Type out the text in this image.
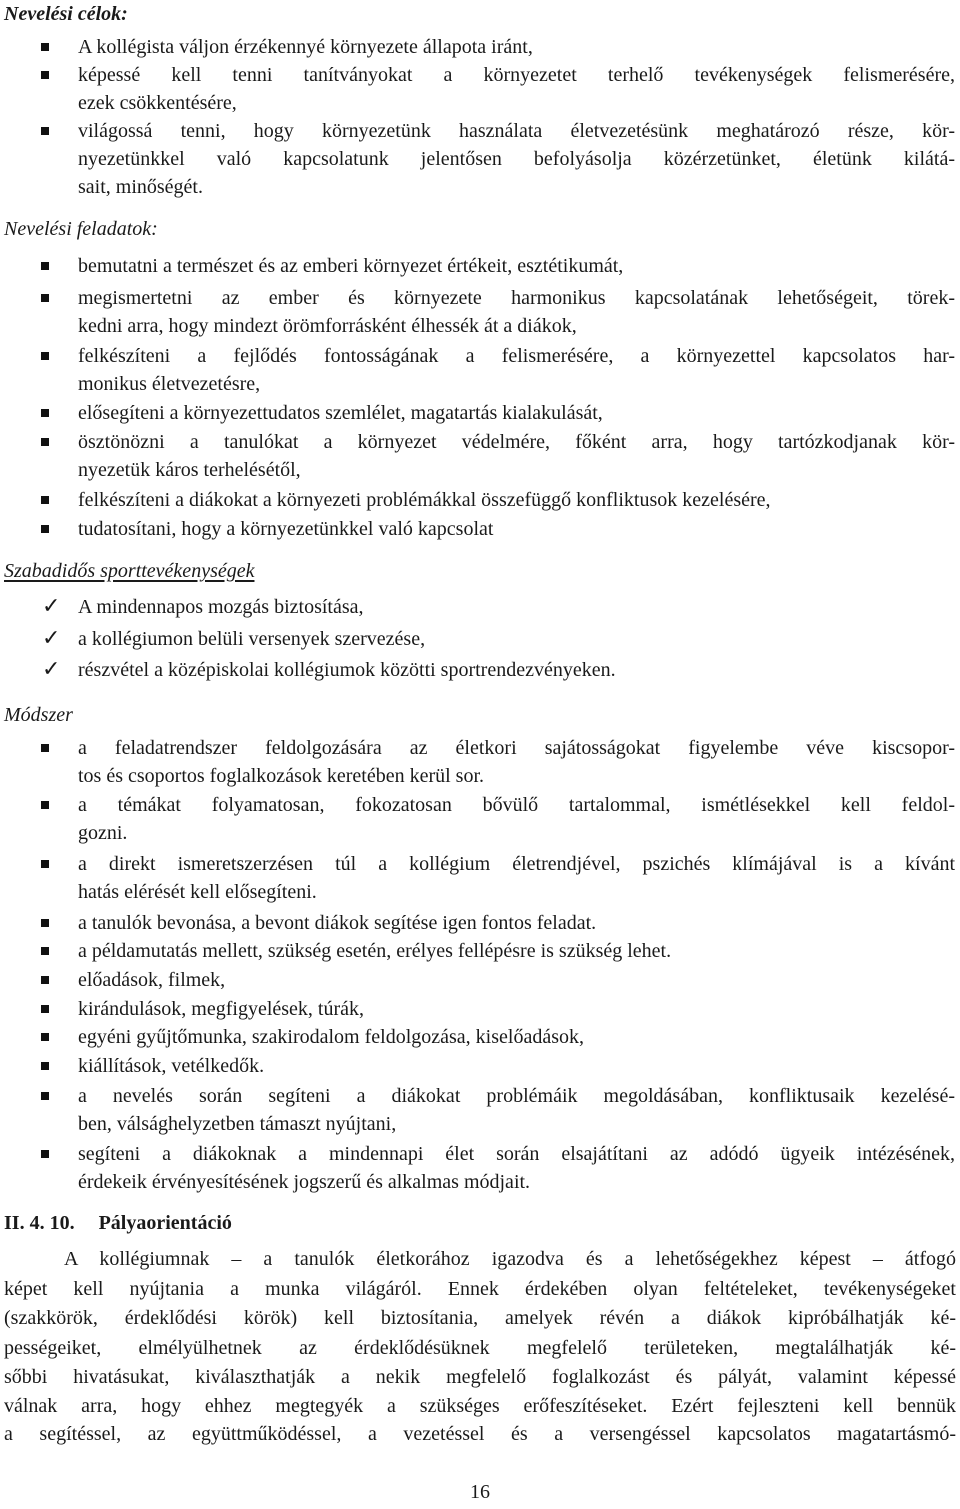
Nevelési célok:
A kollégista váljon érzékennyé környezete állapota iránt,
képessé kell tenni tanítványokat a környezetet terhelő tevékenységek felismerésére,
ezek csökkentésére,
világossá tenni, hogy környezetünk használata életvezetésünk meghatározó része, kör-
nyezetünkkel való kapcsolatunk jelentősen befolyásolja közérzetünket, életünk kilátá-
sait, minőségét.
Nevelési feladatok:
bemutatni a természet és az emberi környezet értékeit, esztétikumát,
megismertetni az ember és környezete harmonikus kapcsolatának lehetőségeit, törek-
kedni arra, hogy mindezt örömforrásként élhessék át a diákok,
felkészíteni a fejlődés fontosságának a felismerésére, a környezettel kapcsolatos har-
monikus életvezetésre,
elősegíteni a környezettudatos szemlélet, magatartás kialakulását,
ösztönözni a tanulókat a környezet védelmére, főként arra, hogy tartózkodjanak kör-
nyezetük káros terhelésétől,
felkészíteni a diákokat a környezeti problémákkal összefüggő konfliktusok kezelésére,
tudatosítani, hogy a környezetünkkel való kapcsolat
Szabadidős sporttevékenységek
✓ A mindennapos mozgás biztosítása,
✓ a kollégiumon belüli versenyek szervezése,
✓ részvétel a középiskolai kollégiumok közötti sportrendezvényeken.
Módszer
a feladatrendszer feldolgozására az életkori sajátosságokat figyelembe véve kiscsopor-
tos és csoportos foglalkozások keretében kerül sor.
a témákat folyamatosan, fokozatosan bővülő tartalommal, ismétlésekkel kell feldol-
gozni.
a direkt ismeretszerzésen túl a kollégium életrendjével, pszichés klímájával is a kívánt
hatás elérését kell elősegíteni.
a tanulók bevonása, a bevont diákok segítése igen fontos feladat.
a példamutatás mellett, szükség esetén, erélyes fellépésre is szükség lehet.
előadások, filmek,
kirándulások, megfigyelések, túrák,
egyéni gyűjtőmunka, szakirodalom feldolgozása, kiselőadások,
kiállítások, vetélkedők.
a nevelés során segíteni a diákokat problémáik megoldásában, konfliktusaik kezelésé-
ben, válsághelyzetben támaszt nyújtani,
segíteni a diákoknak a mindennapi élet során elsajátítani az adódó ügyeik intézésének,
érdekeik érvényesítésének jogszerű és alkalmas módjait.
II. 4. 10. Pályaorientáció
A kollégiumnak – a tanulók életkorához igazodva és a lehetőségekhez képest – átfogó
képet kell nyújtania a munka világáról. Ennek érdekében olyan feltételeket, tevékenységeket
(szakkörök, érdeklődési körök) kell biztosítania, amelyek révén a diákok kipróbálhatják ké-
pességeiket, elmélyülhetnek az érdeklődésüknek megfelelő területeken, megtalálhatják ké-
sőbbi hivatásukat, kiválaszthatják a nekik megfelelő foglalkozást és pályát, valamint képessé
válnak arra, hogy ehhez megtegyék a szükséges erőfeszítéseket. Ezért fejleszteni kell bennük
a segítéssel, az együttműködéssel, a vezetéssel és a versengéssel kapcsolatos magatartásmó-
16
